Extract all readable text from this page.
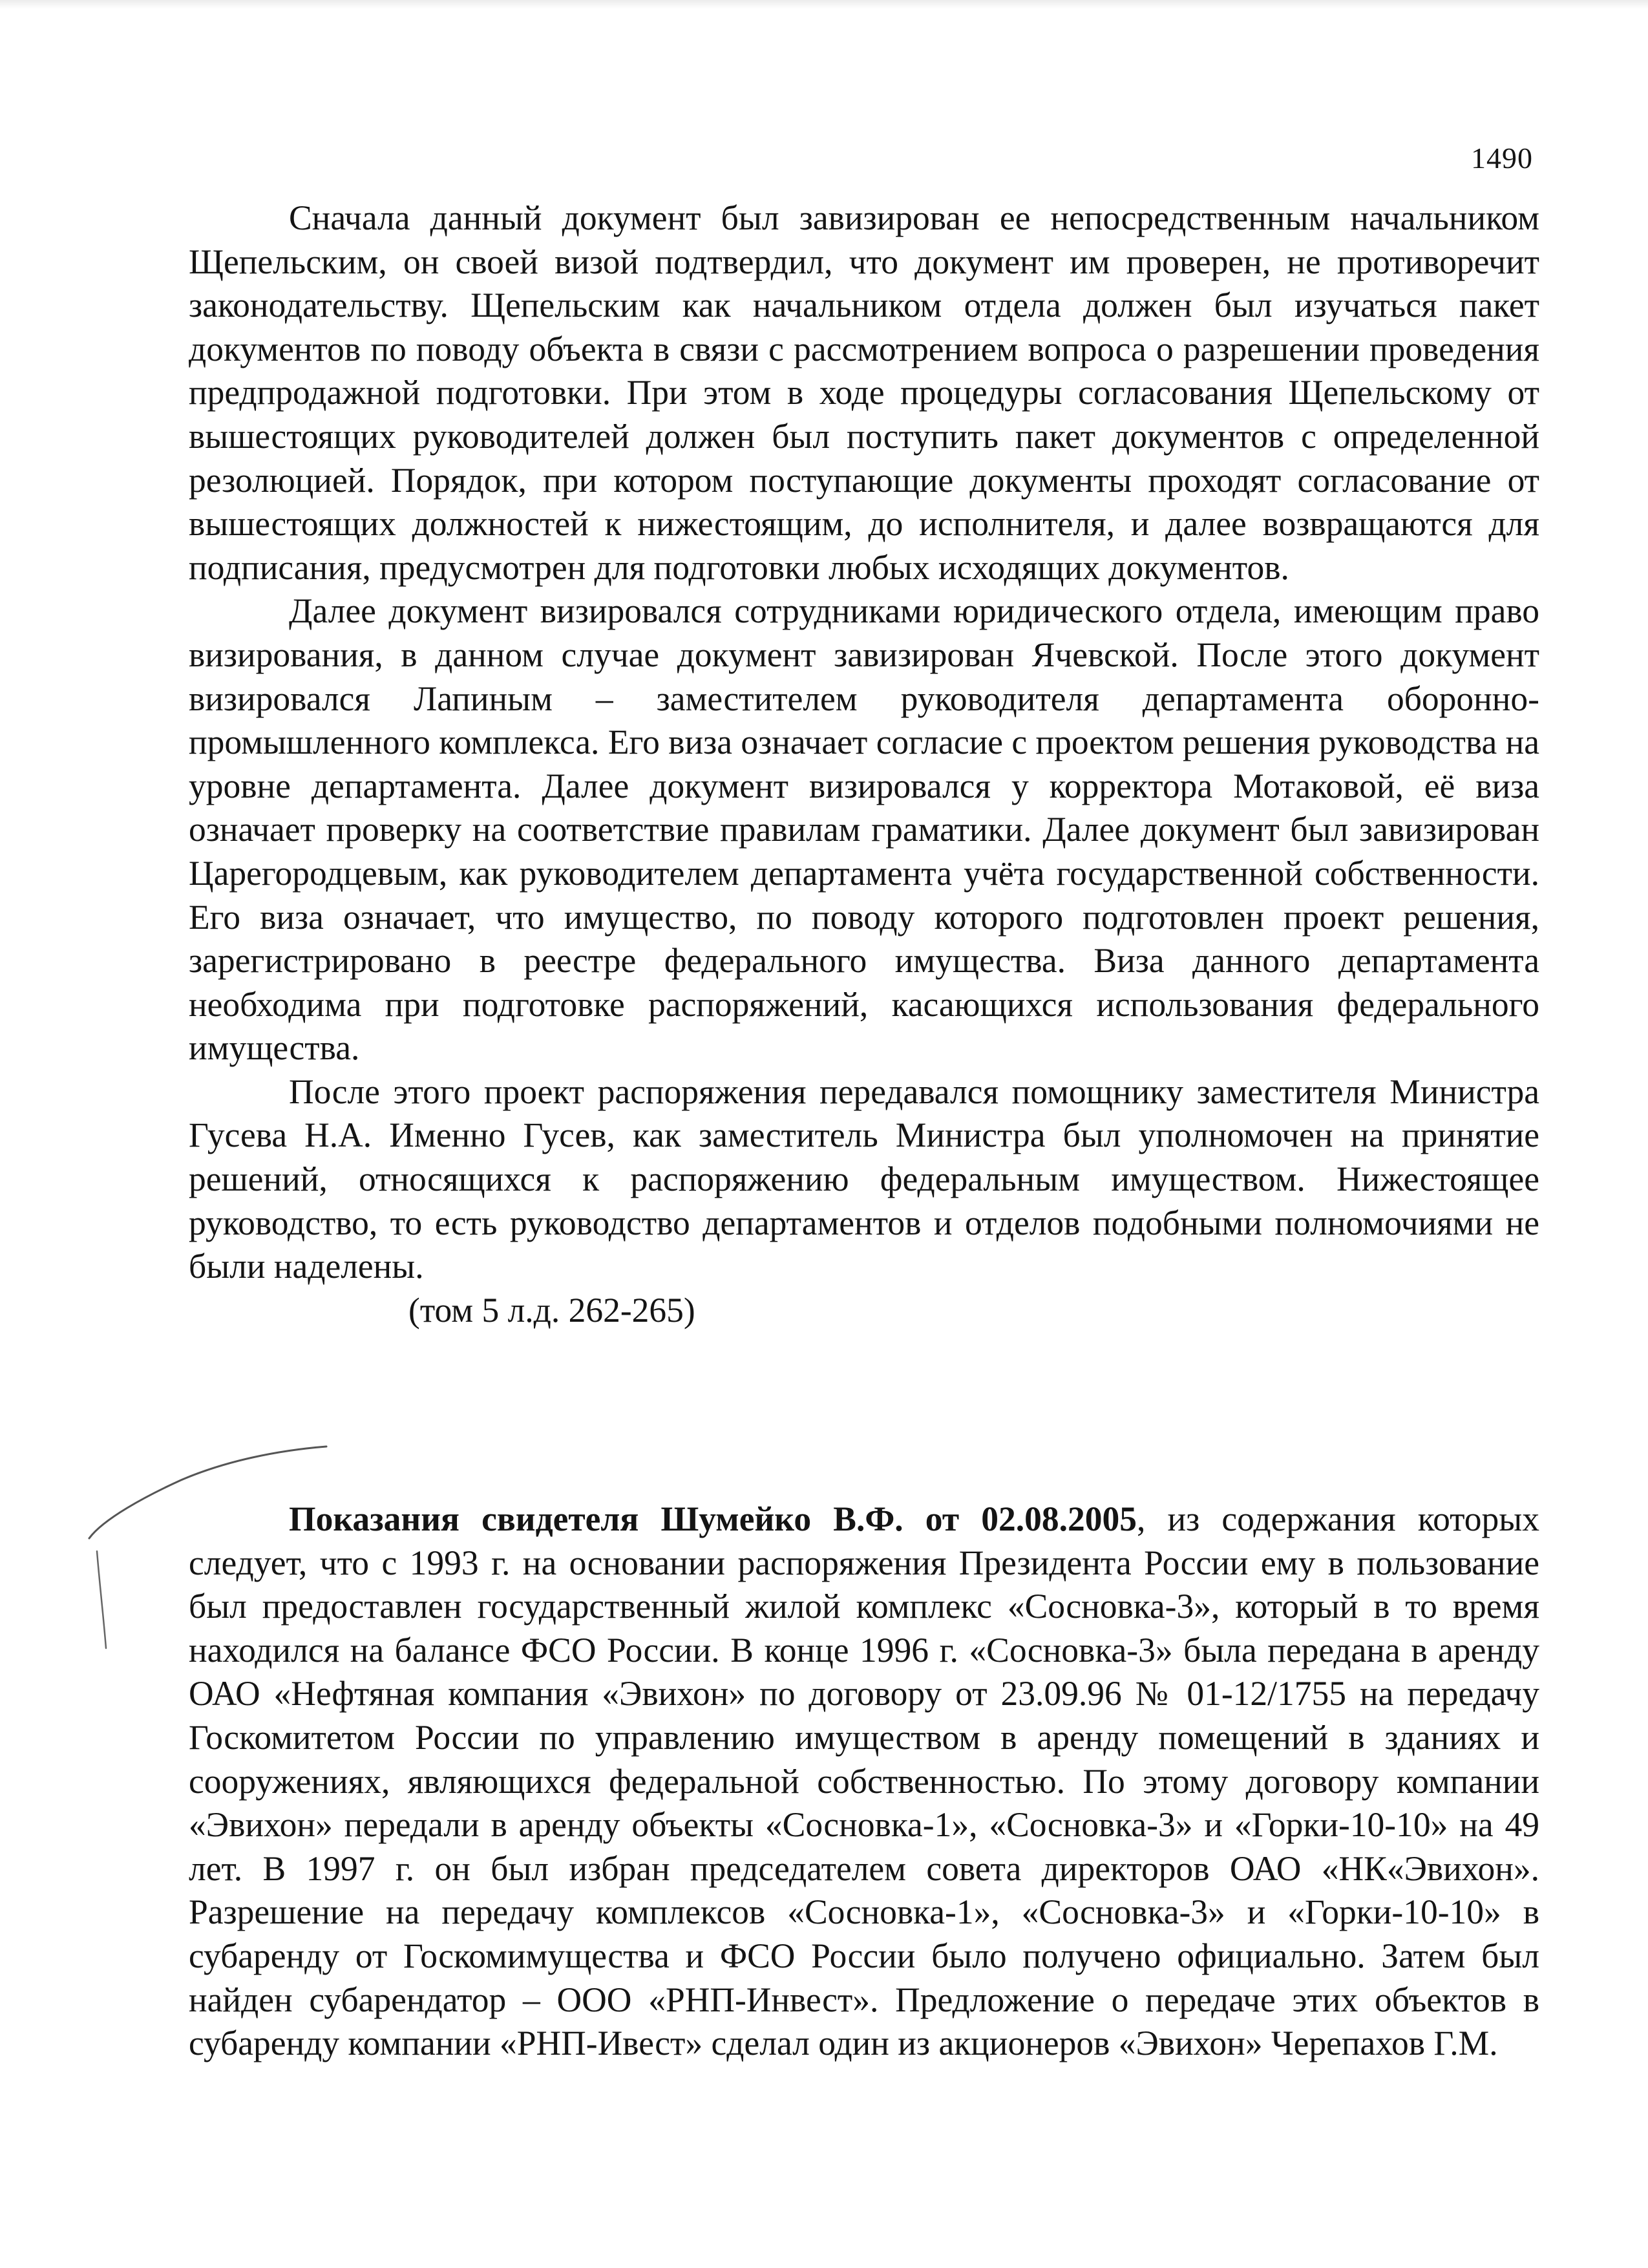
1490

Сначала данный документ был завизирован ее непосредственным начальником Щепельским, он своей визой подтвердил, что документ им проверен, не противоречит законодательству. Щепельским как начальником отдела должен был изучаться пакет документов по поводу объекта в связи с рассмотрением вопроса о разрешении проведения предпродажной подготовки. При этом в ходе процедуры согласования Щепельскому от вышестоящих руководителей должен был поступить пакет документов с определенной резолюцией. Порядок, при котором поступающие документы проходят согласование от вышестоящих должностей к нижестоящим, до исполнителя, и далее возвращаются для подписания, предусмотрен для подготовки любых исходящих документов.

Далее документ визировался сотрудниками юридического отдела, имеющим право визирования, в данном случае документ завизирован Ячевской. После этого документ визировался Лапиным – заместителем руководителя департамента оборонно-промышленного комплекса. Его виза означает согласие с проектом решения руководства на уровне департамента. Далее документ визировался у корректора Мотаковой, её виза означает проверку на соответствие правилам граматики. Далее документ был завизирован Царегородцевым, как руководителем департамента учёта государственной собственности. Его виза означает, что имущество, по поводу которого подготовлен проект решения, зарегистрировано в реестре федерального имущества. Виза данного департамента необходима при подготовке распоряжений, касающихся использования федерального имущества.

После этого проект распоряжения передавался помощнику заместителя Министра Гусева Н.А. Именно Гусев, как заместитель Министра был уполномочен на принятие решений, относящихся к распоряжению федеральным имуществом. Нижестоящее руководство, то есть руководство департаментов и отделов подобными полномочиями не были наделены.

(том 5 л.д. 262-265)

Показания свидетеля Шумейко В.Ф. от 02.08.2005, из содержания которых следует, что с 1993 г. на основании распоряжения Президента России ему в пользование был предоставлен государственный жилой комплекс «Сосновка-3», который в то время находился на балансе ФСО России. В конце 1996 г. «Сосновка-3» была передана в аренду ОАО «Нефтяная компания «Эвихон» по договору от 23.09.96 № 01-12/1755 на передачу Госкомитетом России по управлению имуществом в аренду помещений в зданиях и сооружениях, являющихся федеральной собственностью. По этому договору компании «Эвихон» передали в аренду объекты «Сосновка-1», «Сосновка-3» и «Горки-10-10» на 49 лет. В 1997 г. он был избран председателем совета директоров ОАО «НК«Эвихон». Разрешение на передачу комплексов «Сосновка-1», «Сосновка-3» и «Горки-10-10» в субаренду от Госкомимущества и ФСО России было получено официально. Затем был найден субарендатор – ООО «РНП-Инвест». Предложение о передаче этих объектов в субаренду компании «РНП-Ивест» сделал один из акционеров «Эвихон» Черепахов Г.М.
